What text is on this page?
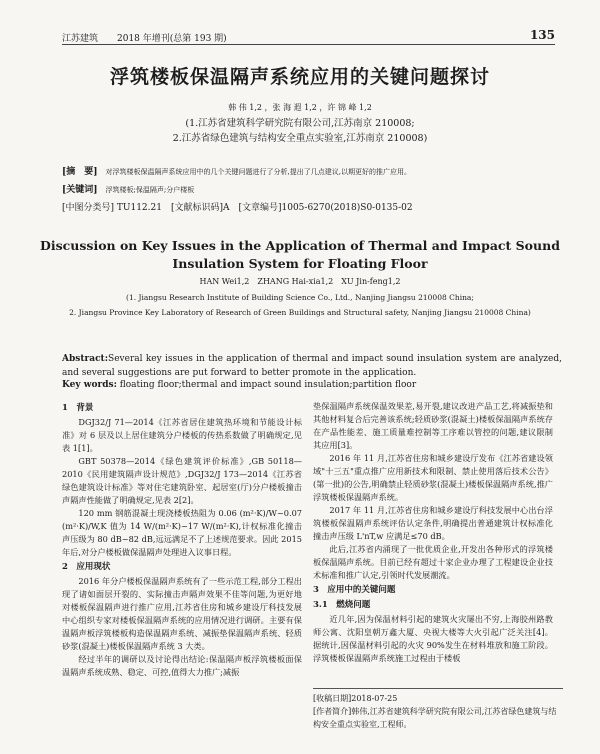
江苏建筑 2018 年增刊(总第 193 期)	135
浮筑楼板保温隔声系统应用的关键问题探讨
韩 伟 1,2 ，张 海 遐 1,2 ，许 锦 峰 1,2
(1.江苏省建筑科学研究院有限公司,江苏南京 210008;
2.江苏省绿色建筑与结构安全重点实验室,江苏南京 210008)
[摘　要] 对浮筑楼板保温隔声系统应用中的几个关键问题进行了分析,提出了几点建议,以期更好的推广应用。
[关键词] 浮筑楼板;保温隔声;分户楼板
[中图分类号] TU112.21　[文献标识码]A　[文章编号]1005-6270(2018)S0-0135-02
Discussion on Key Issues in the Application of Thermal and Impact Sound Insulation System for Floating Floor
HAN Wei1,2　ZHANG Hai-xia1,2　XU Jin-feng1,2
(1. Jiangsu Research Institute of Building Science Co., Ltd., Nanjing Jiangsu 210008 China;
2. Jiangsu Province Key Laboratory of Research of Green Buildings and Structural safety, Nanjing Jiangsu 210008 China)
Abstract:Several key issues in the application of thermal and impact sound insulation system are analyzed, and several suggestions are put forward to better promote in the application.
Key words: floating floor;thermal and impact sound insulation;partition floor
1　背景

DGJ32/J 71—2014《江苏省居住建筑热环境和节能设计标准》对 6 层及以上居住建筑分户楼板的传热系数做了明确规定,见表 1[1]。

GBT 50378—2014《绿色建筑评价标准》,GB 50118—2010《民用建筑隔声设计规范》,DGJ32/J 173—2014《江苏省绿色建筑设计标准》等对住宅建筑卧室、起居室(厅)分户楼板撞击声隔声性能做了明确规定,见表 2[2]。

120 mm 钢筋混凝土现浇楼板热阻为 0.06 (m²·K)/W~0.07 (m²·K)/W,K 值为 14 W/(m²·K)~17 W/(m²·K),计权标准化撞击声压级为 80 dB~82 dB,远远满足不了上述规范要求。因此 2015 年后,对分户楼板做保温隔声处理进入议事日程。

2　应用现状

2016 年分户楼板保温隔声系统有了一些示范工程,部分工程出现了诸如面层开裂的、实际撞击声隔声效果不佳等问题,为更好地对楼板保温隔声进行推广应用,江苏省住房和城乡建设厅科技发展中心组织专家对楼板保温隔声系统的应用情况进行调研。主要有保温隔声板浮筑楼板构造保温隔声系统、减振垫保温隔声系统、轻质砂浆(混凝土)楼板保温隔声系统 3 大类。

经过半年的调研以及讨论得出结论:保温隔声板浮筑楼板面保温隔声系统成熟、稳定、可控,值得大力推广;减振

垫保温隔声系统保温效果差,易开裂,建议改进产品工艺,将减振垫和其他材料复合后完善该系统;轻质砂浆(混凝土)楼板保温隔声系统存在产品性能差、施工质量难控制等工序难以管控的问题,建议限制其应用[3]。

2016 年 11 月,江苏省住房和城乡建设厅发布《江苏省建设领域"十三五"重点推广应用新技术和限制、禁止使用落后技术公告》(第一批)的公告,明确禁止轻质砂浆(混凝土)楼板保温隔声系统,推广浮筑楼板保温隔声系统。

2017 年 11 月,江苏省住房和城乡建设厅科技发展中心出台浮筑楼板保温隔声系统评估认定条件,明确提出普通建筑计权标准化撞击声压级 L'nT,w 应满足≤70 dB。

此后,江苏省内涌现了一批优质企业,开发出各种形式的浮筑楼板保温隔声系统。目前已经有超过十家企业办理了工程建设企业技术标准和推广认定,引领时代发展潮流。

3　应用中的关键问题
3.1　燃烧问题

近几年,因为保温材料引起的建筑火灾屡出不穷,上海胶州路教师公寓、沈阳皇朝万鑫大厦、央视大楼等大火引起广泛关注[4]。据统计,因保温材料引起的火灾 90%发生在材料堆放和施工阶段。浮筑楼板保温隔声系统施工过程由于楼板

[收稿日期]2018-07-25
[作者简介]韩伟,江苏省建筑科学研究院有限公司,江苏省绿色建筑与结构安全重点实验室,工程师。
